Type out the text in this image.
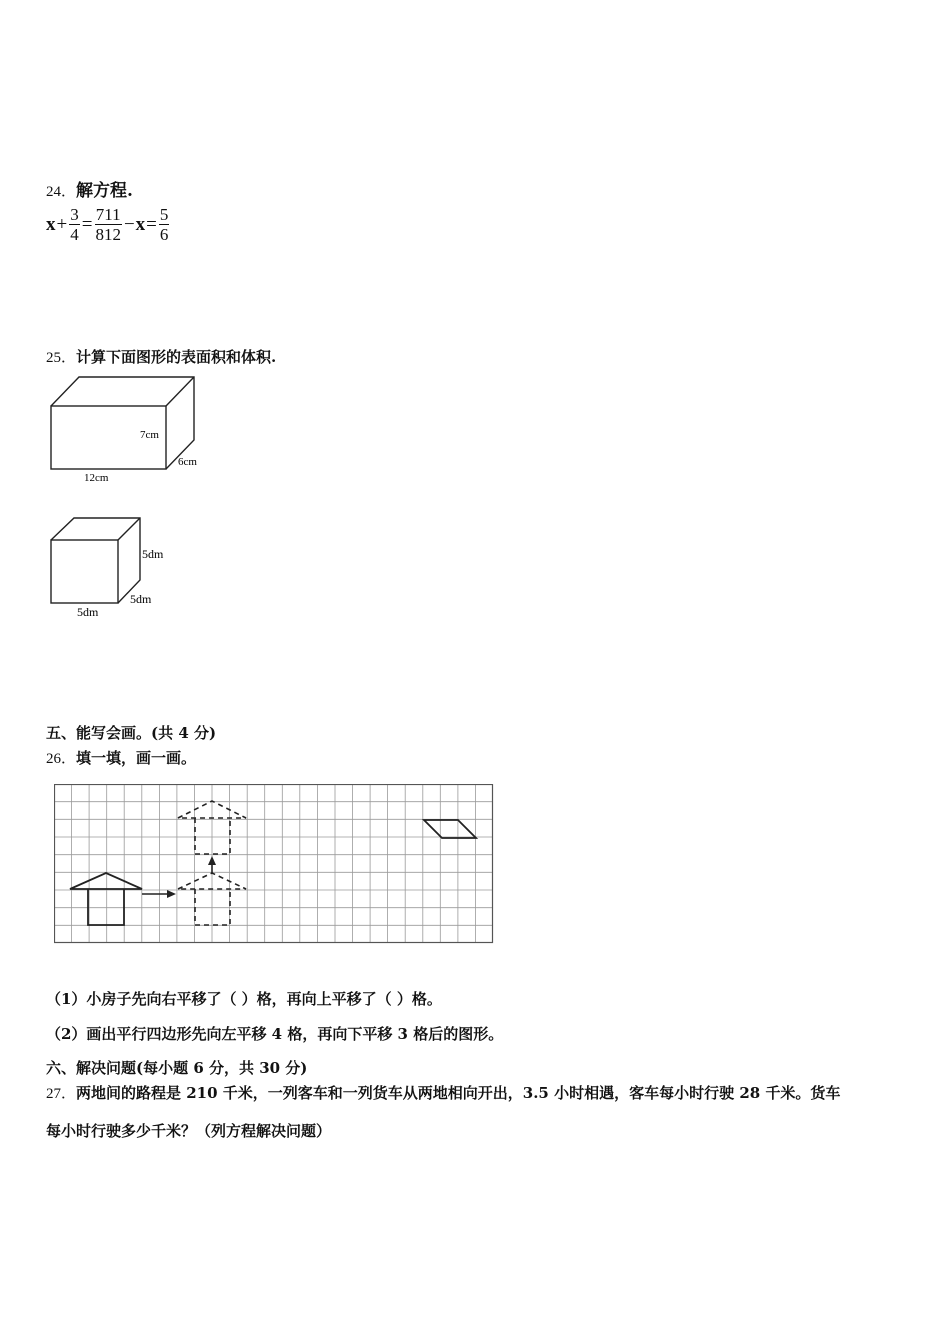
24．解方程.
$x + \frac{3}{4} = \frac{711}{812} - x = \frac{5}{6}$
25．计算下面图形的表面积和体积.
7cm
6cm
12cm
5dm
5dm
5dm
五、能写会画。(共 4 分)
26．填一填，画一画。
（1）小房子先向右平移了（ ）格，再向上平移了（ ）格。
（2）画出平行四边形先向左平移 4 格，再向下平移 3 格后的图形。
六、解决问题(每小题 6 分，共 30 分)
27．两地间的路程是 210 千米，一列客车和一列货车从两地相向开出，3.5 小时相遇，客车每小时行驶 28 千米。货车
每小时行驶多少千米？（列方程解决问题）
